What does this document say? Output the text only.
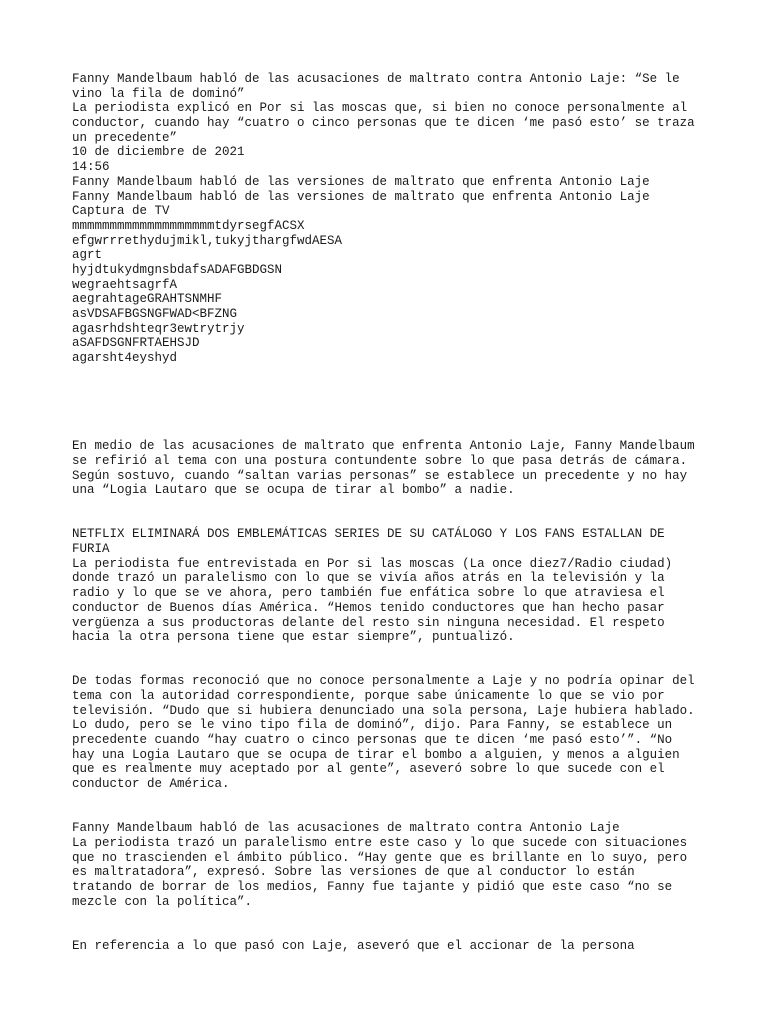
Fanny Mandelbaum habló de las acusaciones de maltrato contra Antonio Laje: “Se le
vino la fila de dominó”
La periodista explicó en Por si las moscas que, si bien no conoce personalmente al
conductor, cuando hay “cuatro o cinco personas que te dicen ‘me pasó esto’ se traza
un precedente”
10 de diciembre de 2021
14:56
Fanny Mandelbaum habló de las versiones de maltrato que enfrenta Antonio Laje
Fanny Mandelbaum habló de las versiones de maltrato que enfrenta Antonio Laje
Captura de TV
mmmmmmmmmmmmmmmmmmmtdyrsegfACSX
efgwrrrethydujmikl,tukyjthargfwdAESA
agrt
hyjdtukydmgnsbdafsADAFGBDGSN
wegraehtsagrfA
aegrahtageGRAHTSNMHF
asVDSAFBGSNGFWAD<BFZNG
agasrhdshteqr3ewtrytrjy
aSAFDSGNFRTAEHSJD
agarsht4eyshyd
En medio de las acusaciones de maltrato que enfrenta Antonio Laje, Fanny Mandelbaum
se refirió al tema con una postura contundente sobre lo que pasa detrás de cámara.
Según sostuvo, cuando “saltan varias personas” se establece un precedente y no hay
una “Logia Lautaro que se ocupa de tirar al bombo” a nadie.
NETFLIX ELIMINARÁ DOS EMBLEMÁTICAS SERIES DE SU CATÁLOGO Y LOS FANS ESTALLAN DE
FURIA
La periodista fue entrevistada en Por si las moscas (La once diez7/Radio ciudad)
donde trazó un paralelismo con lo que se vivía años atrás en la televisión y la
radio y lo que se ve ahora, pero también fue enfática sobre lo que atraviesa el
conductor de Buenos días América. “Hemos tenido conductores que han hecho pasar
vergüenza a sus productoras delante del resto sin ninguna necesidad. El respeto
hacia la otra persona tiene que estar siempre”, puntualizó.
De todas formas reconoció que no conoce personalmente a Laje y no podría opinar del
tema con la autoridad correspondiente, porque sabe únicamente lo que se vio por
televisión. “Dudo que si hubiera denunciado una sola persona, Laje hubiera hablado.
Lo dudo, pero se le vino tipo fila de dominó”, dijo. Para Fanny, se establece un
precedente cuando “hay cuatro o cinco personas que te dicen ‘me pasó esto’”. “No
hay una Logia Lautaro que se ocupa de tirar el bombo a alguien, y menos a alguien
que es realmente muy aceptado por al gente”, aseveró sobre lo que sucede con el
conductor de América.
Fanny Mandelbaum habló de las acusaciones de maltrato contra Antonio Laje
La periodista trazó un paralelismo entre este caso y lo que sucede con situaciones
que no trascienden el ámbito público. “Hay gente que es brillante en lo suyo, pero
es maltratadora”, expresó. Sobre las versiones de que al conductor lo están
tratando de borrar de los medios, Fanny fue tajante y pidió que este caso “no se
mezcle con la política”.
En referencia a lo que pasó con Laje, aseveró que el accionar de la persona
